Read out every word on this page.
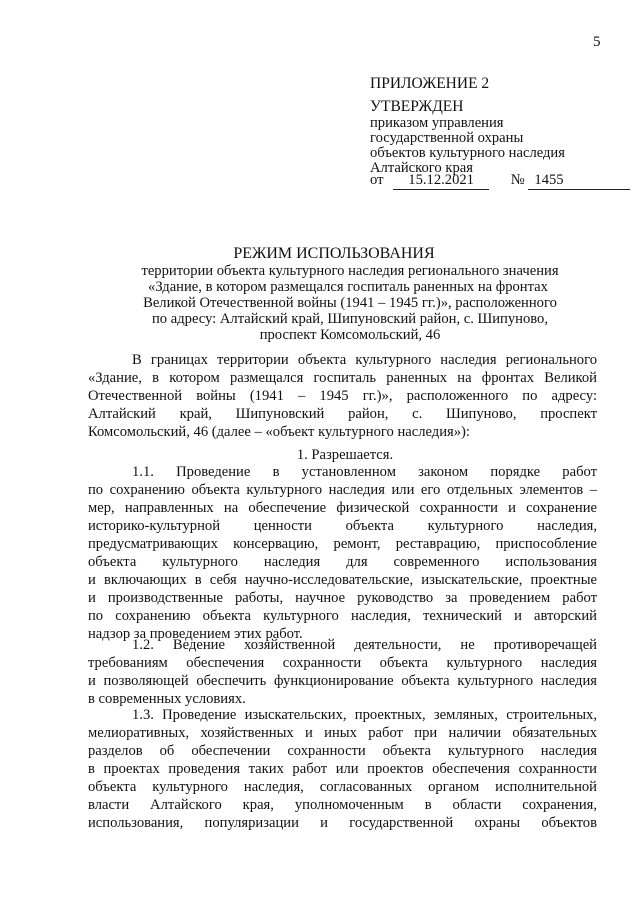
5
ПРИЛОЖЕНИЕ 2
УТВЕРЖДЕН
приказом управления
государственной охраны
объектов культурного наследия
Алтайского края
от 15.12.2021	№ 1455
РЕЖИМ ИСПОЛЬЗОВАНИЯ
территории объекта культурного наследия регионального значения
«Здание, в котором размещался госпиталь раненных на фронтах
Великой Отечественной войны (1941 – 1945 гг.)», расположенного
по адресу: Алтайский край, Шипуновский район, с. Шипуново,
проспект Комсомольский, 46
В границах территории объекта культурного наследия регионального
«Здание, в котором размещался госпиталь раненных на фронтах Великой
Отечественной войны (1941 – 1945 гг.)», расположенного по адресу:
Алтайский край, Шипуновский район, с. Шипуново, проспект
Комсомольский, 46 (далее – «объект культурного наследия»):
1. Разрешается.
1.1. Проведение в установленном законом порядке работ
по сохранению объекта культурного наследия или его отдельных элементов –
мер, направленных на обеспечение физической сохранности и сохранение
историко-культурной ценности объекта культурного наследия,
предусматривающих консервацию, ремонт, реставрацию, приспособление
объекта культурного наследия для современного использования
и включающих в себя научно-исследовательские, изыскательские, проектные
и производственные работы, научное руководство за проведением работ
по сохранению объекта культурного наследия, технический и авторский
надзор за проведением этих работ.
1.2. Ведение хозяйственной деятельности, не противоречащей
требованиям обеспечения сохранности объекта культурного наследия
и позволяющей обеспечить функционирование объекта культурного наследия
в современных условиях.
1.3. Проведение изыскательских, проектных, земляных, строительных,
мелиоративных, хозяйственных и иных работ при наличии обязательных
разделов об обеспечении сохранности объекта культурного наследия
в проектах проведения таких работ или проектов обеспечения сохранности
объекта культурного наследия, согласованных органом исполнительной
власти Алтайского края, уполномоченным в области сохранения,
использования, популяризации и государственной охраны объектов
